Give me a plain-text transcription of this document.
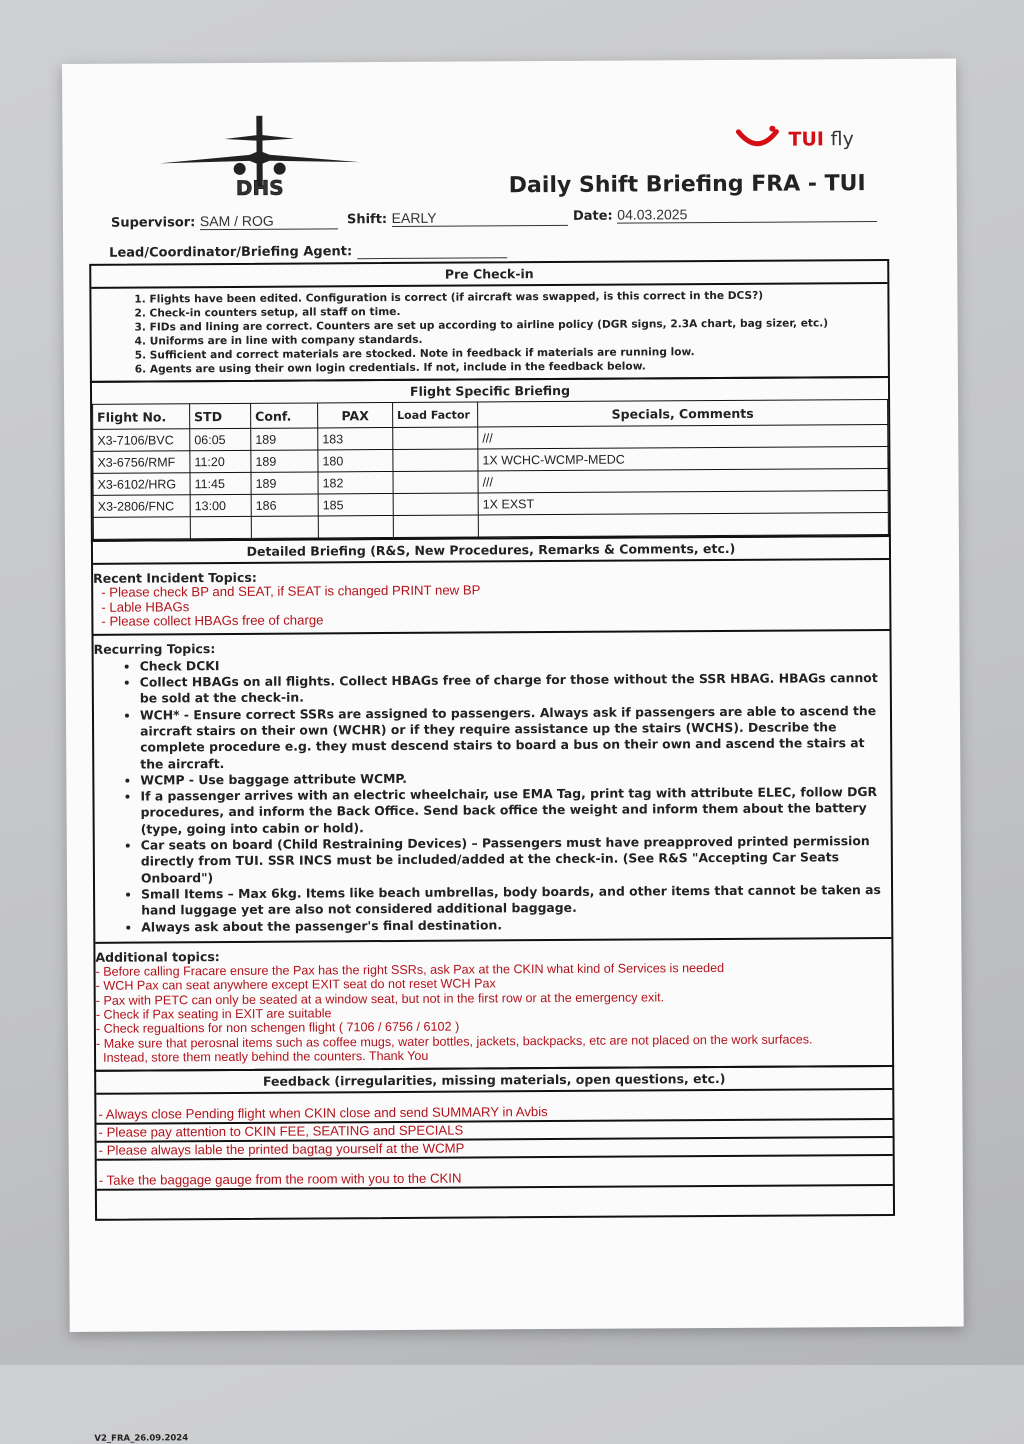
DHS
TUI fly
Daily Shift Briefing FRA - TUI
Supervisor: SAM / ROG	Shift: EARLY	Date: 04.03.2025
Lead/Coordinator/Briefing Agent:
Pre Check-in
1. Flights have been edited. Configuration is correct (if aircraft was swapped, is this correct in the DCS?)
2. Check-in counters setup, all staff on time.
3. FIDs and lining are correct. Counters are set up according to airline policy (DGR signs, 2.3A chart, bag sizer, etc.)
4. Uniforms are in line with company standards.
5. Sufficient and correct materials are stocked. Note in feedback if materials are running low.
6. Agents are using their own login credentials. If not, include in the feedback below.
Flight Specific Briefing
Flight No.	STD	Conf.	PAX	Load Factor	Specials, Comments
X3-7106/BVC	06:05	189	183		///
X3-6756/RMF	11:20	189	180		1X WCHC-WCMP-MEDC
X3-6102/HRG	11:45	189	182		///
X3-2806/FNC	13:00	186	185		1X EXST

Detailed Briefing (R&S, New Procedures, Remarks & Comments, etc.)
Recent Incident Topics:
- Please check BP and SEAT, if SEAT is changed PRINT new BP
- Lable HBAGs
- Please collect HBAGs free of charge
Recurring Topics:
• Check DCKI
• Collect HBAGs on all flights. Collect HBAGs free of charge for those without the SSR HBAG. HBAGs cannot be sold at the check-in.
• WCH* - Ensure correct SSRs are assigned to passengers. Always ask if passengers are able to ascend the aircraft stairs on their own (WCHR) or if they require assistance up the stairs (WCHS). Describe the complete procedure e.g. they must descend stairs to board a bus on their own and ascend the stairs at the aircraft.
• WCMP - Use baggage attribute WCMP.
• If a passenger arrives with an electric wheelchair, use EMA Tag, print tag with attribute ELEC, follow DGR procedures, and inform the Back Office. Send back office the weight and inform them about the battery (type, going into cabin or hold).
• Car seats on board (Child Restraining Devices) – Passengers must have preapproved printed permission directly from TUI. SSR INCS must be included/added at the check-in. (See R&S "Accepting Car Seats Onboard")
• Small Items – Max 6kg. Items like beach umbrellas, body boards, and other items that cannot be taken as hand luggage yet are also not considered additional baggage.
• Always ask about the passenger's final destination.
Additional topics:
- Before calling Fracare ensure the Pax has the right SSRs, ask Pax at the CKIN what kind of Services is needed
- WCH Pax can seat anywhere except EXIT seat do not reset WCH Pax
- Pax with PETC can only be seated at a window seat, but not in the first row or at the emergency exit.
- Check if Pax seating in EXIT are suitable
- Check regualtions for non schengen flight ( 7106 / 6756 / 6102 )
- Make sure that perosnal items such as coffee mugs, water bottles, jackets, backpacks, etc are not placed on the work surfaces.
Instead, store them neatly behind the counters. Thank You
Feedback (irregularities, missing materials, open questions, etc.)
- Always close Pending flight when CKIN close and send SUMMARY in Avbis
- Please pay attention to CKIN FEE, SEATING and SPECIALS
- Please always lable the printed bagtag yourself at the WCMP
- Take the baggage gauge from the room with you to the CKIN
V2_FRA_26.09.2024
